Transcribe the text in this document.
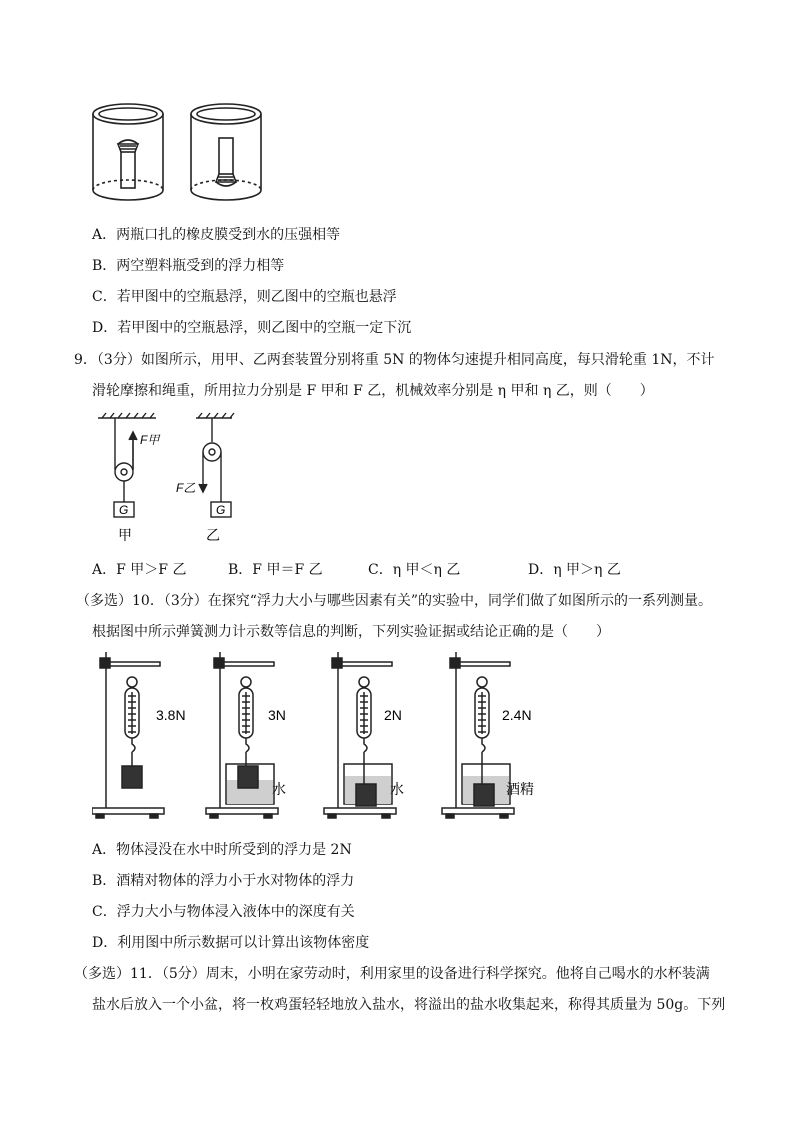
A．两瓶口扎的橡皮膜受到水的压强相等
B．两空塑料瓶受到的浮力相等
C．若甲图中的空瓶悬浮，则乙图中的空瓶也悬浮
D．若甲图中的空瓶悬浮，则乙图中的空瓶一定下沉
9．（3分）如图所示，用甲、乙两套装置分别将重 5N 的物体匀速提升相同高度，每只滑轮重 1N，不计
滑轮摩擦和绳重，所用拉力分别是 F 甲和 F 乙，机械效率分别是 η 甲和 η 乙，则（　　）
F甲
F乙
G	G
甲	乙
A．F 甲＞F 乙	B．F 甲＝F 乙	C．η 甲＜η 乙	D．η 甲＞η 乙
（多选）10．（3分）在探究“浮力大小与哪些因素有关”的实验中，同学们做了如图所示的一系列测量。
根据图中所示弹簧测力计示数等信息的判断，下列实验证据或结论正确的是（　　）
3.8N	3N	2N	2.4N
水	水	酒精
A．物体浸没在水中时所受到的浮力是 2N
B．酒精对物体的浮力小于水对物体的浮力
C．浮力大小与物体浸入液体中的深度有关
D．利用图中所示数据可以计算出该物体密度
（多选）11．（5分）周末，小明在家劳动时，利用家里的设备进行科学探究。他将自己喝水的水杯装满
盐水后放入一个小盆，将一枚鸡蛋轻轻地放入盐水，将溢出的盐水收集起来，称得其质量为 50g。下列
